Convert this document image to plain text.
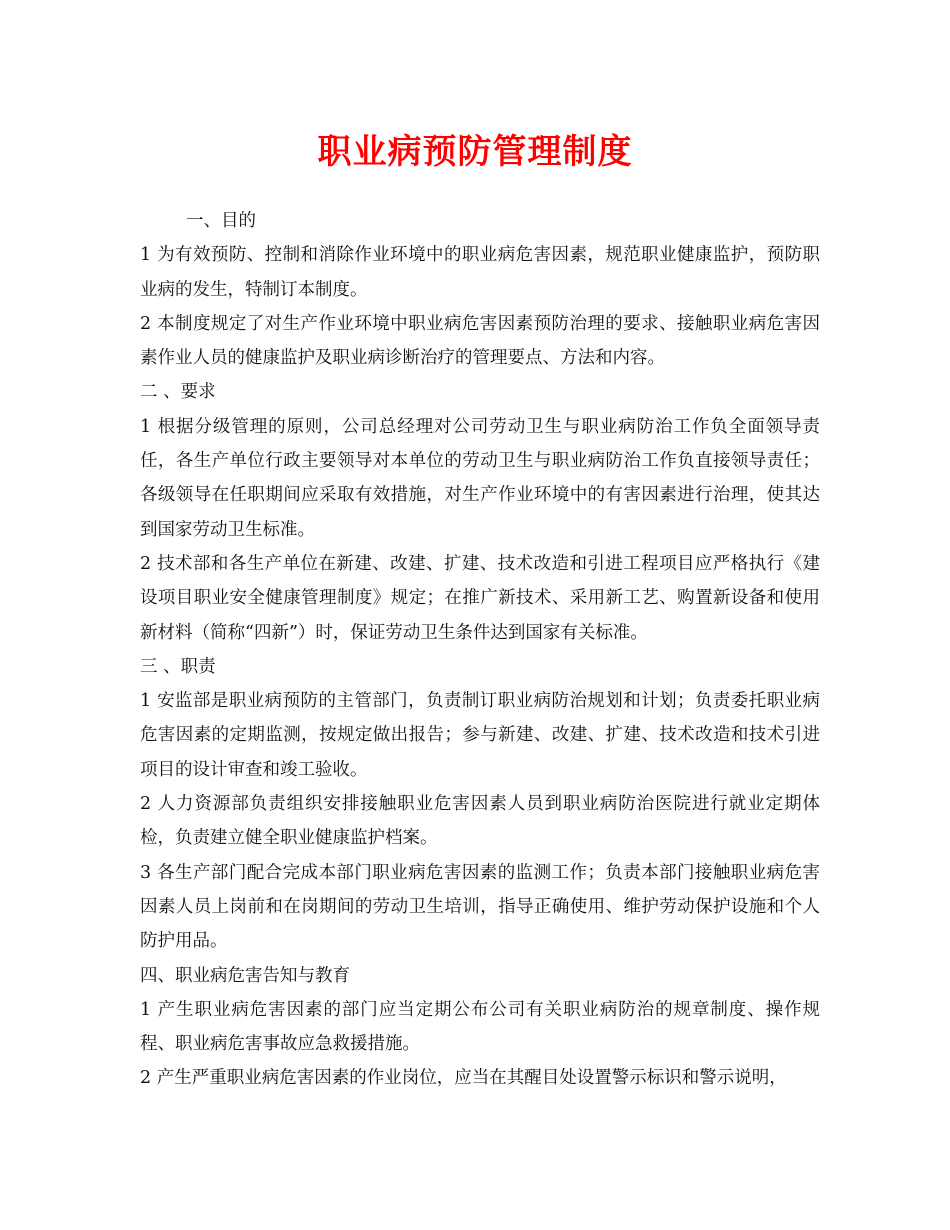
职业病预防管理制度

一、目的

1 为有效预防、控制和消除作业环境中的职业病危害因素，规范职业健康监护，预防职业病的发生，特制订本制度。

2 本制度规定了对生产作业环境中职业病危害因素预防治理的要求、接触职业病危害因素作业人员的健康监护及职业病诊断治疗的管理要点、方法和内容。

二 、要求

1 根据分级管理的原则，公司总经理对公司劳动卫生与职业病防治工作负全面领导责任，各生产单位行政主要领导对本单位的劳动卫生与职业病防治工作负直接领导责任；各级领导在任职期间应采取有效措施，对生产作业环境中的有害因素进行治理，使其达到国家劳动卫生标准。

2 技术部和各生产单位在新建、改建、扩建、技术改造和引进工程项目应严格执行《建设项目职业安全健康管理制度》规定；在推广新技术、采用新工艺、购置新设备和使用新材料（简称“四新”）时，保证劳动卫生条件达到国家有关标准。

三 、职责

1 安监部是职业病预防的主管部门，负责制订职业病防治规划和计划；负责委托职业病危害因素的定期监测，按规定做出报告；参与新建、改建、扩建、技术改造和技术引进项目的设计审查和竣工验收。

2 人力资源部负责组织安排接触职业危害因素人员到职业病防治医院进行就业定期体检，负责建立健全职业健康监护档案。

3 各生产部门配合完成本部门职业病危害因素的监测工作；负责本部门接触职业病危害因素人员上岗前和在岗期间的劳动卫生培训，指导正确使用、维护劳动保护设施和个人防护用品。

四、职业病危害告知与教育

1 产生职业病危害因素的部门应当定期公布公司有关职业病防治的规章制度、操作规程、职业病危害事故应急救援措施。

2 产生严重职业病危害因素的作业岗位，应当在其醒目处设置警示标识和警示说明，
